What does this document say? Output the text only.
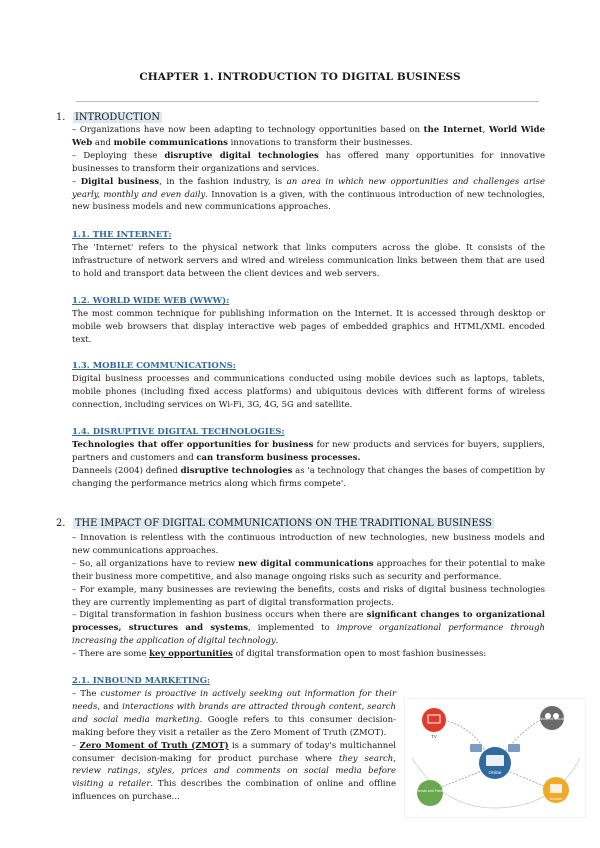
CHAPTER 1. INTRODUCTION TO DIGITAL BUSINESS
1. INTRODUCTION

– Organizations have now been adapting to technology opportunities based on the Internet, World Wide Web and mobile communications innovations to transform their businesses.

– Deploying these disruptive digital technologies has offered many opportunities for innovative businesses to transform their organizations and services.

– Digital business, in the fashion industry, is an area in which new opportunities and challenges arise yearly, monthly and even daily. Innovation is a given, with the continuous introduction of new technologies, new business models and new communications approaches.

1.1. THE INTERNET:

The 'Internet' refers to the physical network that links computers across the globe. It consists of the infrastructure of network servers and wired and wireless communication links between them that are used to hold and transport data between the client devices and web servers.

1.2. WORLD WIDE WEB (WWW):

The most common technique for publishing information on the Internet. It is accessed through desktop or mobile web browsers that display interactive web pages of embedded graphics and HTML/XML encoded text.

1.3. MOBILE COMMUNICATIONS:

Digital business processes and communications conducted using mobile devices such as laptops, tablets, mobile phones (including fixed access platforms) and ubiquitous devices with different forms of wireless connection, including services on Wi-Fi, 3G, 4G, 5G and satellite.

1.4. DISRUPTIVE DIGITAL TECHNOLOGIES:

Technologies that offer opportunities for business for new products and services for buyers, suppliers, partners and customers and can transform business processes.

Danneels (2004) defined disruptive technologies as 'a technology that changes the bases of competition by changing the performance metrics along which firms compete'.

2. THE IMPACT OF DIGITAL COMMUNICATIONS ON THE TRADITIONAL BUSINESS

– Innovation is relentless with the continuous introduction of new technologies, new business models and new communications approaches.

– So, all organizations have to review new digital communications approaches for their potential to make their business more competitive, and also manage ongoing risks such as security and performance.

– For example, many businesses are reviewing the benefits, costs and risks of digital business technologies they are currently implementing as part of digital transformation projects.

– Digital transformation in fashion business occurs when there are significant changes to organizational processes, structures and systems, implemented to improve organizational performance through increasing the application of digital technology.

– There are some key opportunities of digital transformation open to most fashion businesses:

2.1. INBOUND MARKETING:

– The customer is proactive in actively seeking out information for their needs, and interactions with brands are attracted through content, search and social media marketing. Google refers to this consumer decision-making before they visit a retailer as the Zero Moment of Truth (ZMOT).

– Zero Moment of Truth (ZMOT) is a summary of today's multichannel consumer decision-making for product purchase where they search, review ratings, styles, prices and comments on social media before visiting a retailer. This describes the combination of online and offline influences on purchase...

TV
Word of Mouth
Online
Friends and Family
In-store
